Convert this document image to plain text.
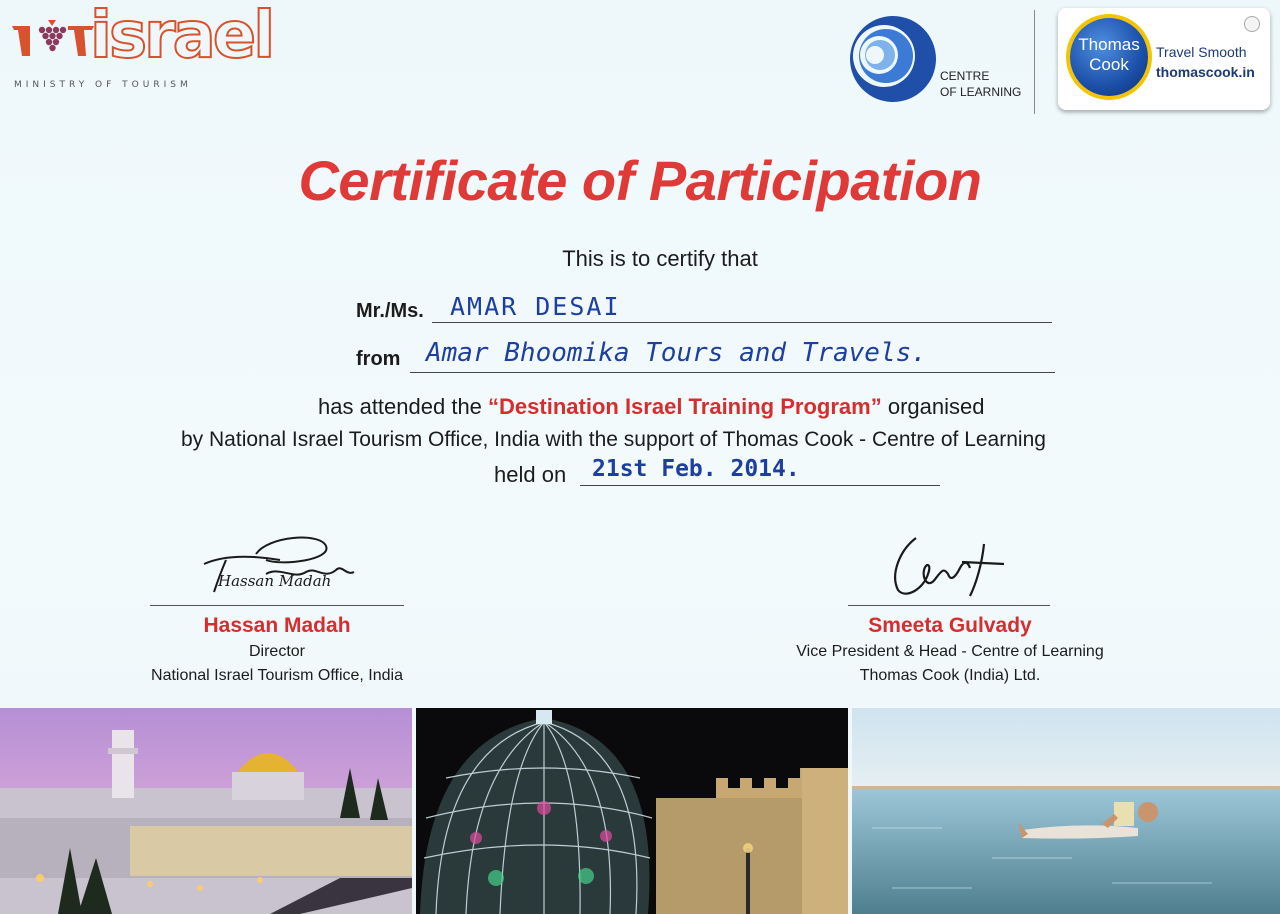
israel
MINISTRY OF TOURISM
CENTRE
OF LEARNING
Thomas
Cook
Travel Smooth
thomascook.in
Certificate of Participation
This is to certify that
Mr./Ms. AMAR DESAI
from Amar Bhoomika Tours and Travels.
has attended the “Destination Israel Training Program” organised
by National Israel Tourism Office, India with the support of Thomas Cook - Centre of Learning
held on 21st Feb. 2014.
Hassan Madah
Hassan Madah
Director
National Israel Tourism Office, India
Smeeta Gulvady
Vice President & Head - Centre of Learning
Thomas Cook (India) Ltd.
